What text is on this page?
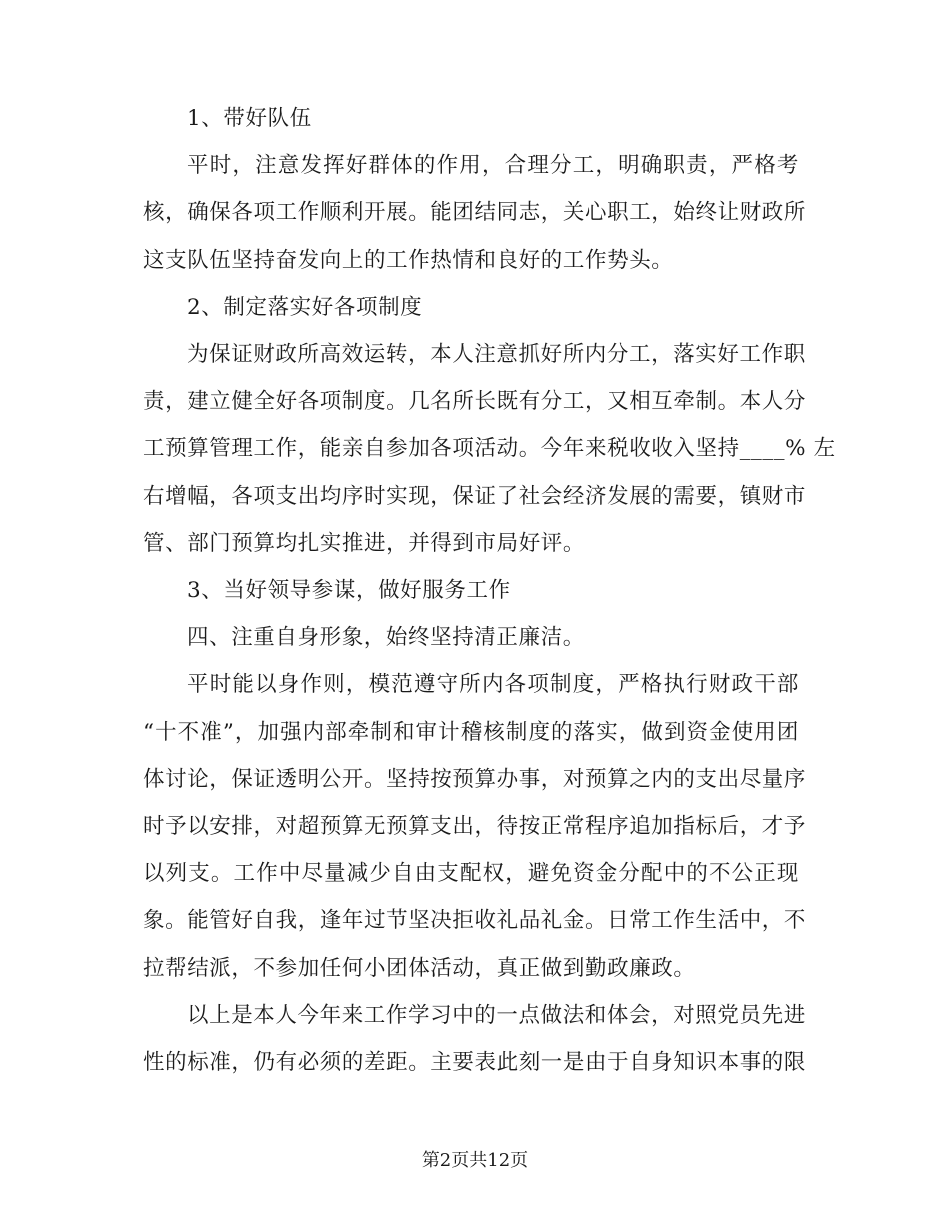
1、带好队伍

平时，注意发挥好群体的作用，合理分工，明确职责，严格考
核，确保各项工作顺利开展。能团结同志，关心职工，始终让财政所
这支队伍坚持奋发向上的工作热情和良好的工作势头。

2、制定落实好各项制度

为保证财政所高效运转，本人注意抓好所内分工，落实好工作职
责，建立健全好各项制度。几名所长既有分工，又相互牵制。本人分
工预算管理工作，能亲自参加各项活动。今年来税收收入坚持____% 左
右增幅，各项支出均序时实现，保证了社会经济发展的需要，镇财市
管、部门预算均扎实推进，并得到市局好评。

3、当好领导参谋，做好服务工作

四、注重自身形象，始终坚持清正廉洁。

平时能以身作则，模范遵守所内各项制度，严格执行财政干部
“十不准”，加强内部牵制和审计稽核制度的落实，做到资金使用团
体讨论，保证透明公开。坚持按预算办事，对预算之内的支出尽量序
时予以安排，对超预算无预算支出，待按正常程序追加指标后，才予
以列支。工作中尽量减少自由支配权，避免资金分配中的不公正现
象。能管好自我，逢年过节坚决拒收礼品礼金。日常工作生活中，不
拉帮结派，不参加任何小团体活动，真正做到勤政廉政。

以上是本人今年来工作学习中的一点做法和体会，对照党员先进
性的标准，仍有必须的差距。主要表此刻一是由于自身知识本事的限

第2页共12页
